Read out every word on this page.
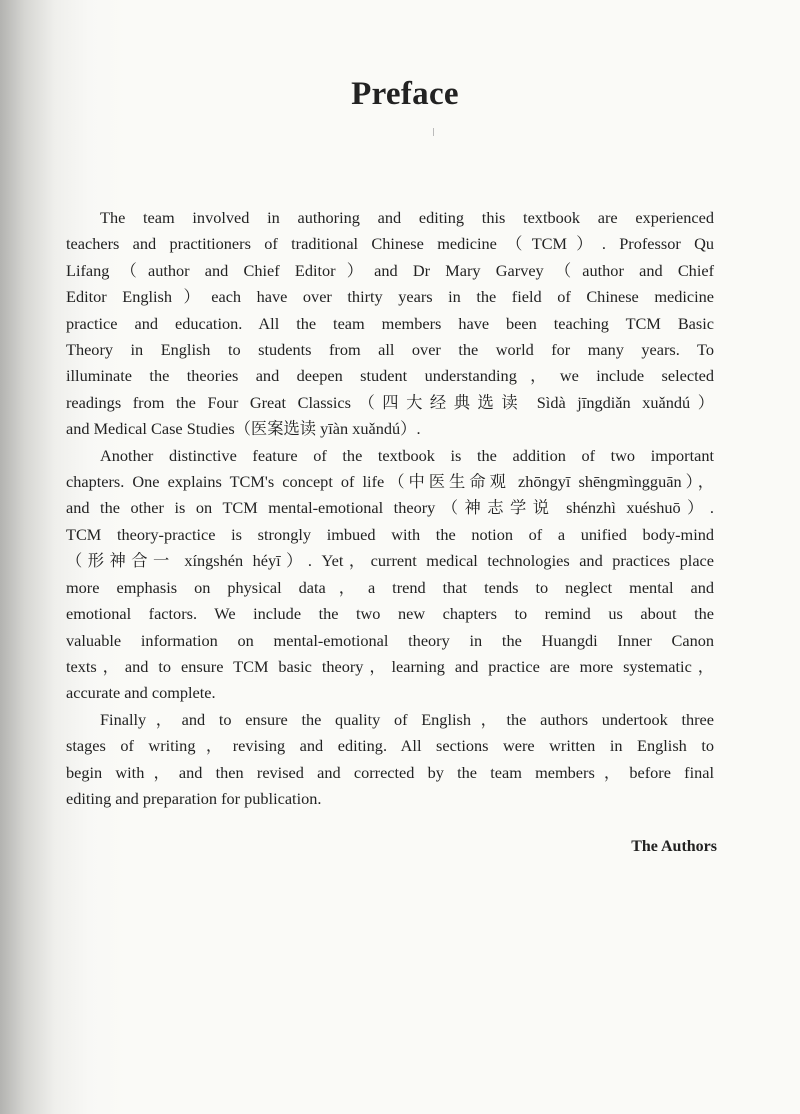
Preface

The team involved in authoring and editing this textbook are experienced
teachers and practitioners of traditional Chinese medicine（TCM）. Professor Qu
Lifang（author and Chief Editor）and Dr Mary Garvey（author and Chief
Editor English）each have over thirty years in the field of Chinese medicine
practice and education. All the team members have been teaching TCM Basic
Theory in English to students from all over the world for many years. To
illuminate the theories and deepen student understanding，we include selected
readings from the Four Great Classics（四大经典选读 Sìdà jīngdiǎn xuǎndú）
and Medical Case Studies（医案选读 yīàn xuǎndú）.

Another distinctive feature of the textbook is the addition of two important
chapters. One explains TCM's concept of life（中医生命观 zhōngyī shēngmìngguān），
and the other is on TCM mental-emotional theory（神志学说 shénzhì xuéshuō）.
TCM theory-practice is strongly imbued with the notion of a unified body-mind
（形神合一 xíngshén héyī）. Yet，current medical technologies and practices place
more emphasis on physical data，a trend that tends to neglect mental and
emotional factors. We include the two new chapters to remind us about the
valuable information on mental-emotional theory in the Huangdi Inner Canon
texts，and to ensure TCM basic theory，learning and practice are more systematic，
accurate and complete.

Finally，and to ensure the quality of English，the authors undertook three
stages of writing，revising and editing. All sections were written in English to
begin with，and then revised and corrected by the team members，before final
editing and preparation for publication.

The Authors
